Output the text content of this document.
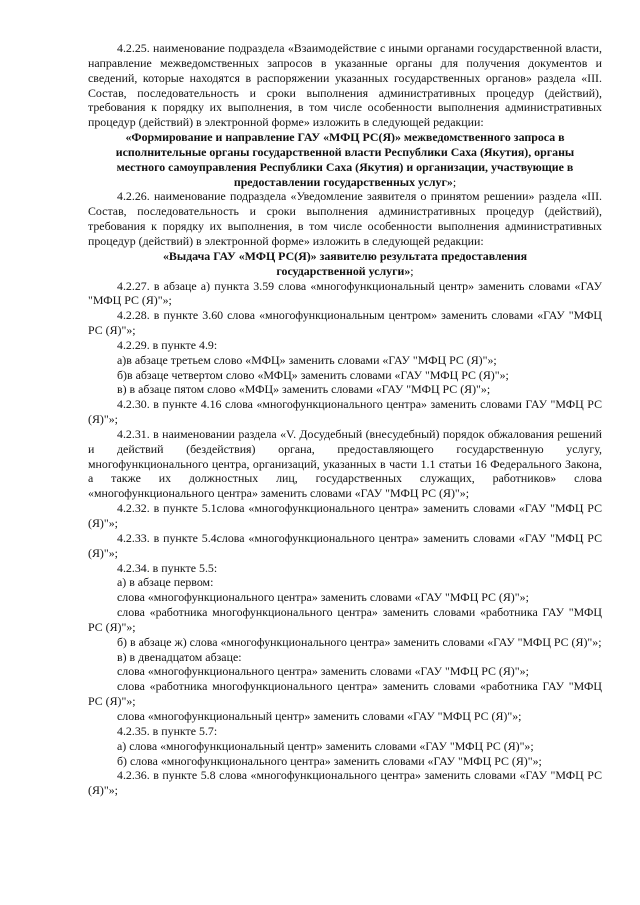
4.2.25. наименование подраздела «Взаимодействие с иными органами государственной власти, направление межведомственных запросов в указанные органы для получения документов и сведений, которые находятся в распоряжении указанных государственных органов» раздела «III. Состав, последовательность и сроки выполнения административных процедур (действий), требования к порядку их выполнения, в том числе особенности выполнения административных процедур (действий) в электронной форме» изложить в следующей редакции:

«Формирование и направление ГАУ «МФЦ РС(Я)» межведомственного запроса в исполнительные органы государственной власти Республики Саха (Якутия), органы местного самоуправления Республики Саха (Якутия) и организации, участвующие в предоставлении государственных услуг»;

4.2.26. наименование подраздела «Уведомление заявителя о принятом решении» раздела «III. Состав, последовательность и сроки выполнения административных процедур (действий), требования к порядку их выполнения, в том числе особенности выполнения административных процедур (действий) в электронной форме» изложить в следующей редакции:

«Выдача ГАУ «МФЦ РС(Я)» заявителю результата предоставления государственной услуги»;

4.2.27. в абзаце а) пункта 3.59 слова «многофункциональный центр» заменить словами «ГАУ "МФЦ РС (Я)"»;

4.2.28. в пункте 3.60 слова «многофункциональным центром» заменить словами «ГАУ "МФЦ РС (Я)"»;

4.2.29. в пункте 4.9:

а)в абзаце третьем слово «МФЦ» заменить словами «ГАУ "МФЦ РС (Я)"»;

б)в абзаце четвертом слово «МФЦ» заменить словами «ГАУ "МФЦ РС (Я)"»;

в) в абзаце пятом слово «МФЦ» заменить словами «ГАУ "МФЦ РС (Я)"»;

4.2.30. в пункте 4.16 слова «многофункционального центра» заменить словами ГАУ "МФЦ РС (Я)"»;

4.2.31. в наименовании раздела «V. Досудебный (внесудебный) порядок обжалования решений и действий (бездействия) органа, предоставляющего государственную услугу, многофункционального центра, организаций, указанных в части 1.1 статьи 16 Федерального Закона, а также их должностных лиц, государственных служащих, работников» слова «многофункционального центра» заменить словами «ГАУ "МФЦ РС (Я)"»;

4.2.32. в пункте 5.1слова «многофункционального центра» заменить словами «ГАУ "МФЦ РС (Я)"»;

4.2.33. в пункте 5.4слова «многофункционального центра» заменить словами «ГАУ "МФЦ РС (Я)"»;

4.2.34. в пункте 5.5:

а) в абзаце первом:

слова «многофункционального центра» заменить словами «ГАУ "МФЦ РС (Я)"»;

слова «работника многофункционального центра» заменить словами «работника ГАУ "МФЦ РС (Я)"»;

б) в абзаце ж) слова «многофункционального центра» заменить словами «ГАУ "МФЦ РС (Я)"»;

в) в двенадцатом абзаце:

слова «многофункционального центра» заменить словами «ГАУ "МФЦ РС (Я)"»;

слова «работника многофункционального центра» заменить словами «работника ГАУ "МФЦ РС (Я)"»;

слова «многофункциональный центр» заменить словами «ГАУ "МФЦ РС (Я)"»;

4.2.35. в пункте 5.7:

а) слова «многофункциональный центр» заменить словами «ГАУ "МФЦ РС (Я)"»;

б) слова «многофункционального центра» заменить словами «ГАУ "МФЦ РС (Я)"»;

4.2.36. в пункте 5.8 слова «многофункционального центра» заменить словами «ГАУ "МФЦ РС (Я)"»;
